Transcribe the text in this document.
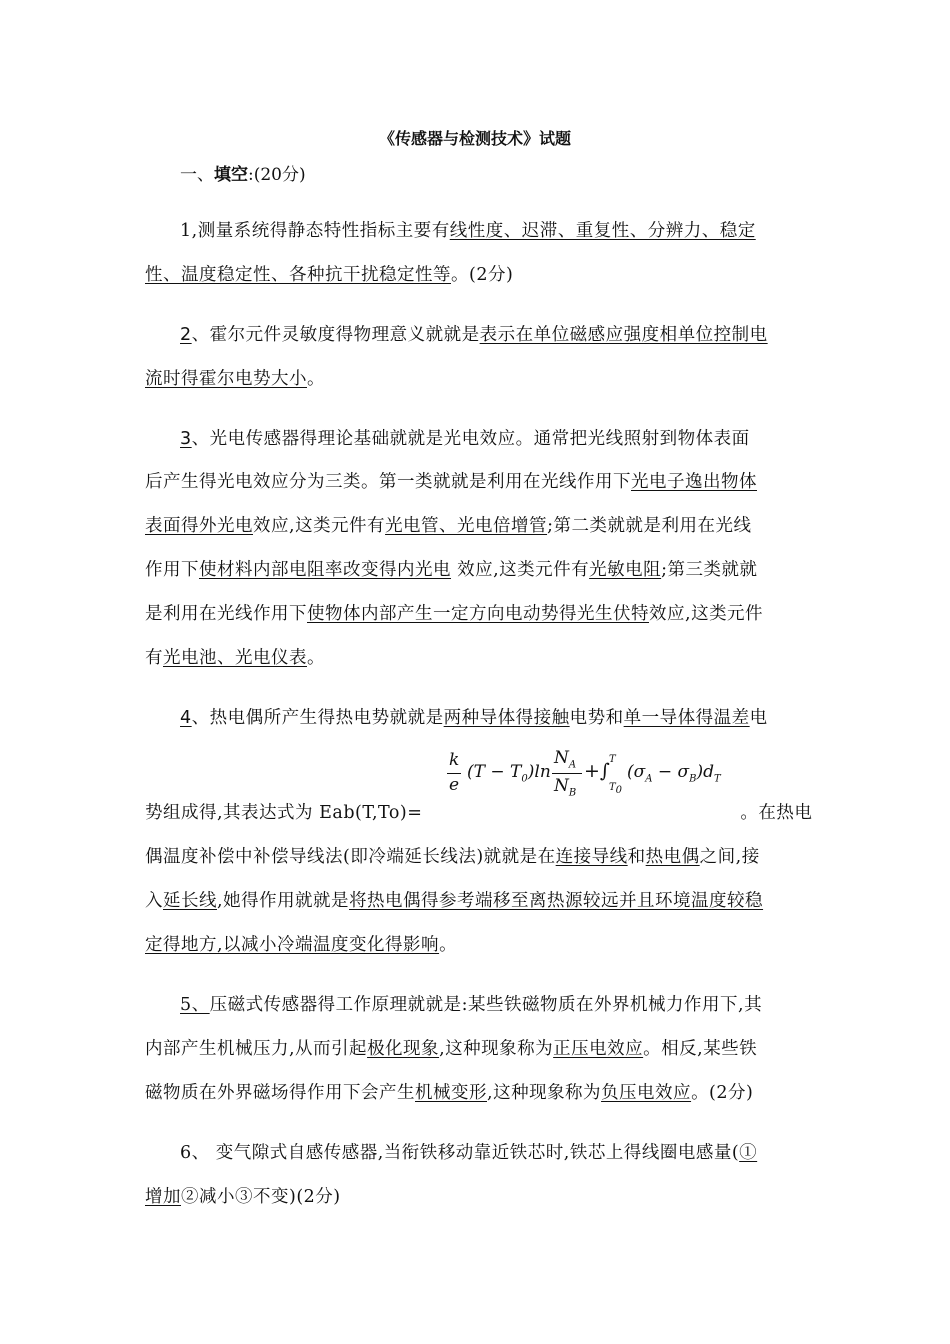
《传感器与检测技术》试题
一、填空:(20分)
1,测量系统得静态特性指标主要有线性度、迟滞、重复性、分辨力、稳定
性、温度稳定性、各种抗干扰稳定性等。(2分)
2、霍尔元件灵敏度得物理意义就就是表示在单位磁感应强度相单位控制电
流时得霍尔电势大小。
3、光电传感器得理论基础就就是光电效应。通常把光线照射到物体表面
后产生得光电效应分为三类。第一类就就是利用在光线作用下光电子逸出物体
表面得外光电效应,这类元件有光电管、光电倍增管;第二类就就是利用在光线
作用下使材料内部电阻率改变得内光电 效应,这类元件有光敏电阻;第三类就就
是利用在光线作用下使物体内部产生一定方向电动势得光生伏特效应,这类元件
有光电池、光电仪表。
4、热电偶所产生得热电势就就是两种导体得接触电势和单一导体得温差电
k
e
$(T - T_0)\ln$
$N_A$
$N_B$
+∫
T
$T_0$
$(\sigma_A - \sigma_B)d_T$
势组成得,其表达式为 Eab(T,To)=	。在热电
偶温度补偿中补偿导线法(即冷端延长线法)就就是在连接导线和热电偶之间,接
入延长线,她得作用就就是将热电偶得参考端移至离热源较远并且环境温度较稳
定得地方,以减小冷端温度变化得影响。
5、压磁式传感器得工作原理就就是:某些铁磁物质在外界机械力作用下,其
内部产生机械压力,从而引起极化现象,这种现象称为正压电效应。相反,某些铁
磁物质在外界磁场得作用下会产生机械变形,这种现象称为负压电效应。(2分)
6、 变气隙式自感传感器,当衔铁移动靠近铁芯时,铁芯上得线圈电感量(①
增加②减小③不变)(2分)
